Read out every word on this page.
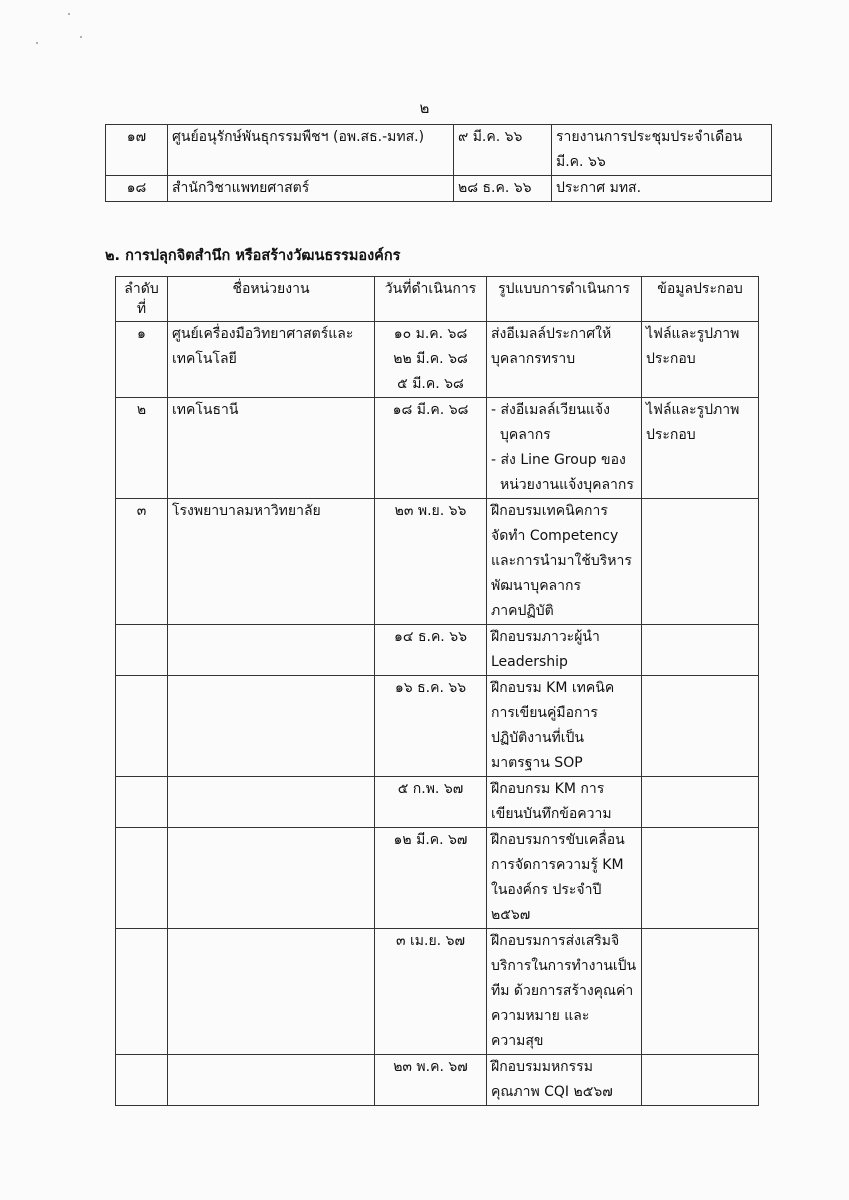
๒
๑๗	ศูนย์อนุรักษ์พันธุกรรมพืชฯ (อพ.สธ.-มทส.)	๙ มี.ค. ๖๖	รายงานการประชุมประจำเดือน
มี.ค. ๖๖

๑๘	สำนักวิชาแพทยศาสตร์	๒๘ ธ.ค. ๖๖	ประกาศ มทส.
๒. การปลุกจิตสำนึก หรือสร้างวัฒนธรรมองค์กร
ลำดับที่	ชื่อหน่วยงาน	วันที่ดำเนินการ	รูปแบบการดำเนินการ	ข้อมูลประกอบ

๑	ศูนย์เครื่องมือวิทยาศาสตร์และ
เทคโนโลยี	๑๐ ม.ค. ๖๘
๒๒ มี.ค. ๖๘
๕ มี.ค. ๖๘	ส่งอีเมลล์ประกาศให้
บุคลากรทราบ	ไฟล์และรูปภาพ
ประกอบ

๒	เทคโนธานี	๑๘ มี.ค. ๖๘	- ส่งอีเมลล์เวียนแจ้ง
บุคลากร
- ส่ง Line Group ของ
หน่วยงานแจ้งบุคลากร	ไฟล์และรูปภาพ
ประกอบ

๓	โรงพยาบาลมหาวิทยาลัย	๒๓ พ.ย. ๖๖	ฝึกอบรมเทคนิคการ
จัดทำ Competency
และการนำมาใช้บริหาร
พัฒนาบุคลากร
ภาคปฏิบัติ	

		๑๔ ธ.ค. ๖๖	ฝึกอบรมภาวะผู้นำ
Leadership	

		๑๖ ธ.ค. ๖๖	ฝึกอบรม KM เทคนิค
การเขียนคู่มือการ
ปฏิบัติงานที่เป็น
มาตรฐาน SOP	

		๕ ก.พ. ๖๗	ฝึกอบกรม KM การ
เขียนบันทึกข้อความ	

		๑๒ มี.ค. ๖๗	ฝึกอบรมการขับเคลื่อน
การจัดการความรู้ KM
ในองค์กร ประจำปี
๒๕๖๗	

		๓ เม.ย. ๖๗	ฝึกอบรมการส่งเสริมจิ
บริการในการทำงานเป็น
ทีม ด้วยการสร้างคุณค่า
ความหมาย และ
ความสุข	

		๒๓ พ.ค. ๖๗	ฝึกอบรมมหกรรม
คุณภาพ CQI ๒๕๖๗	
